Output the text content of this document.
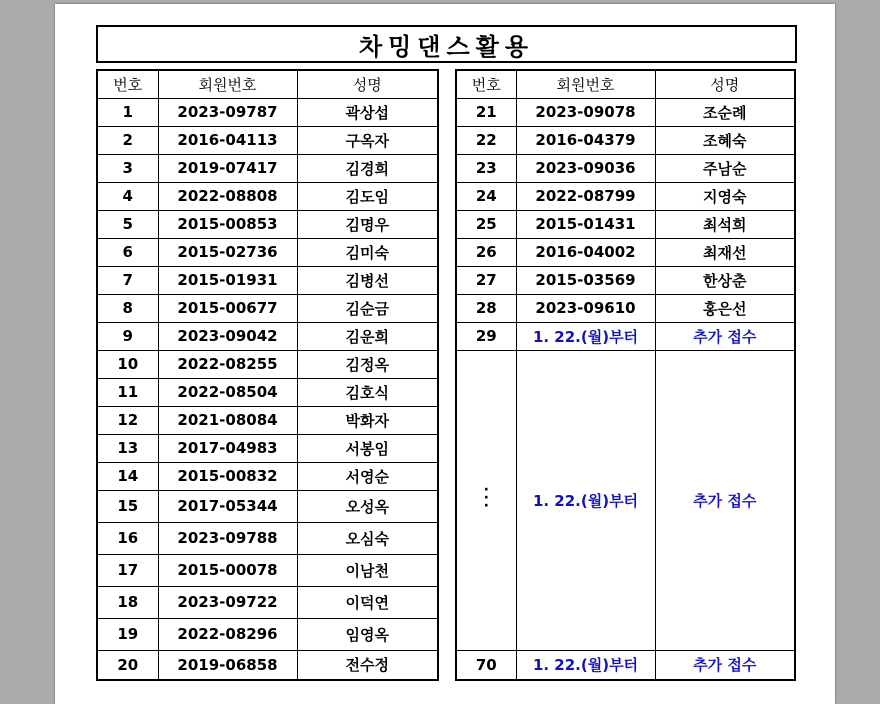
차밍댄스활용
번호	회원번호	성명
1	2023-09787	곽상섭
2	2016-04113	구옥자
3	2019-07417	김경희
4	2022-08808	김도임
5	2015-00853	김명우
6	2015-02736	김미숙
7	2015-01931	김병선
8	2015-00677	김순금
9	2023-09042	김운희
10	2022-08255	김정옥
11	2022-08504	김호식
12	2021-08084	박화자
13	2017-04983	서봉임
14	2015-00832	서영순
15	2017-05344	오성옥
16	2023-09788	오심숙
17	2015-00078	이남천
18	2023-09722	이덕연
19	2022-08296	임영옥
20	2019-06858	전수정
번호	회원번호	성명
21	2023-09078	조순례
22	2016-04379	조혜숙
23	2023-09036	주남순
24	2022-08799	지영숙
25	2015-01431	최석희
26	2016-04002	최재선
27	2015-03569	한상춘
28	2023-09610	홍은선
29	1. 22.(월)부터	추가 접수
·
·
·	1. 22.(월)부터	추가 접수
70	1. 22.(월)부터	추가 접수
